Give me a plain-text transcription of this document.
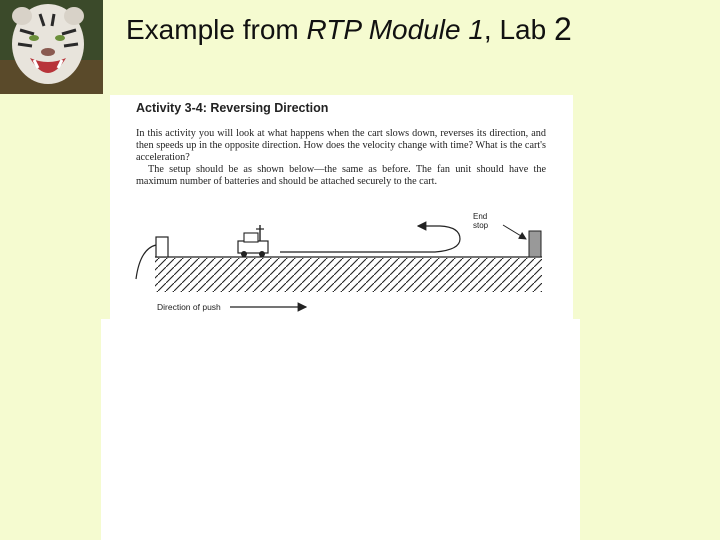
Example from RTP Module 1, Lab 2
Activity 3-4: Reversing Direction

In this activity you will look at what happens when the cart slows down, reverses its direction, and then speeds up in the opposite direction. How does the velocity change with time? What is the cart's acceleration?

The setup should be as shown below—the same as before. The fan unit should have the maximum number of batteries and should be attached securely to the cart.

End
stop
Direction of push
